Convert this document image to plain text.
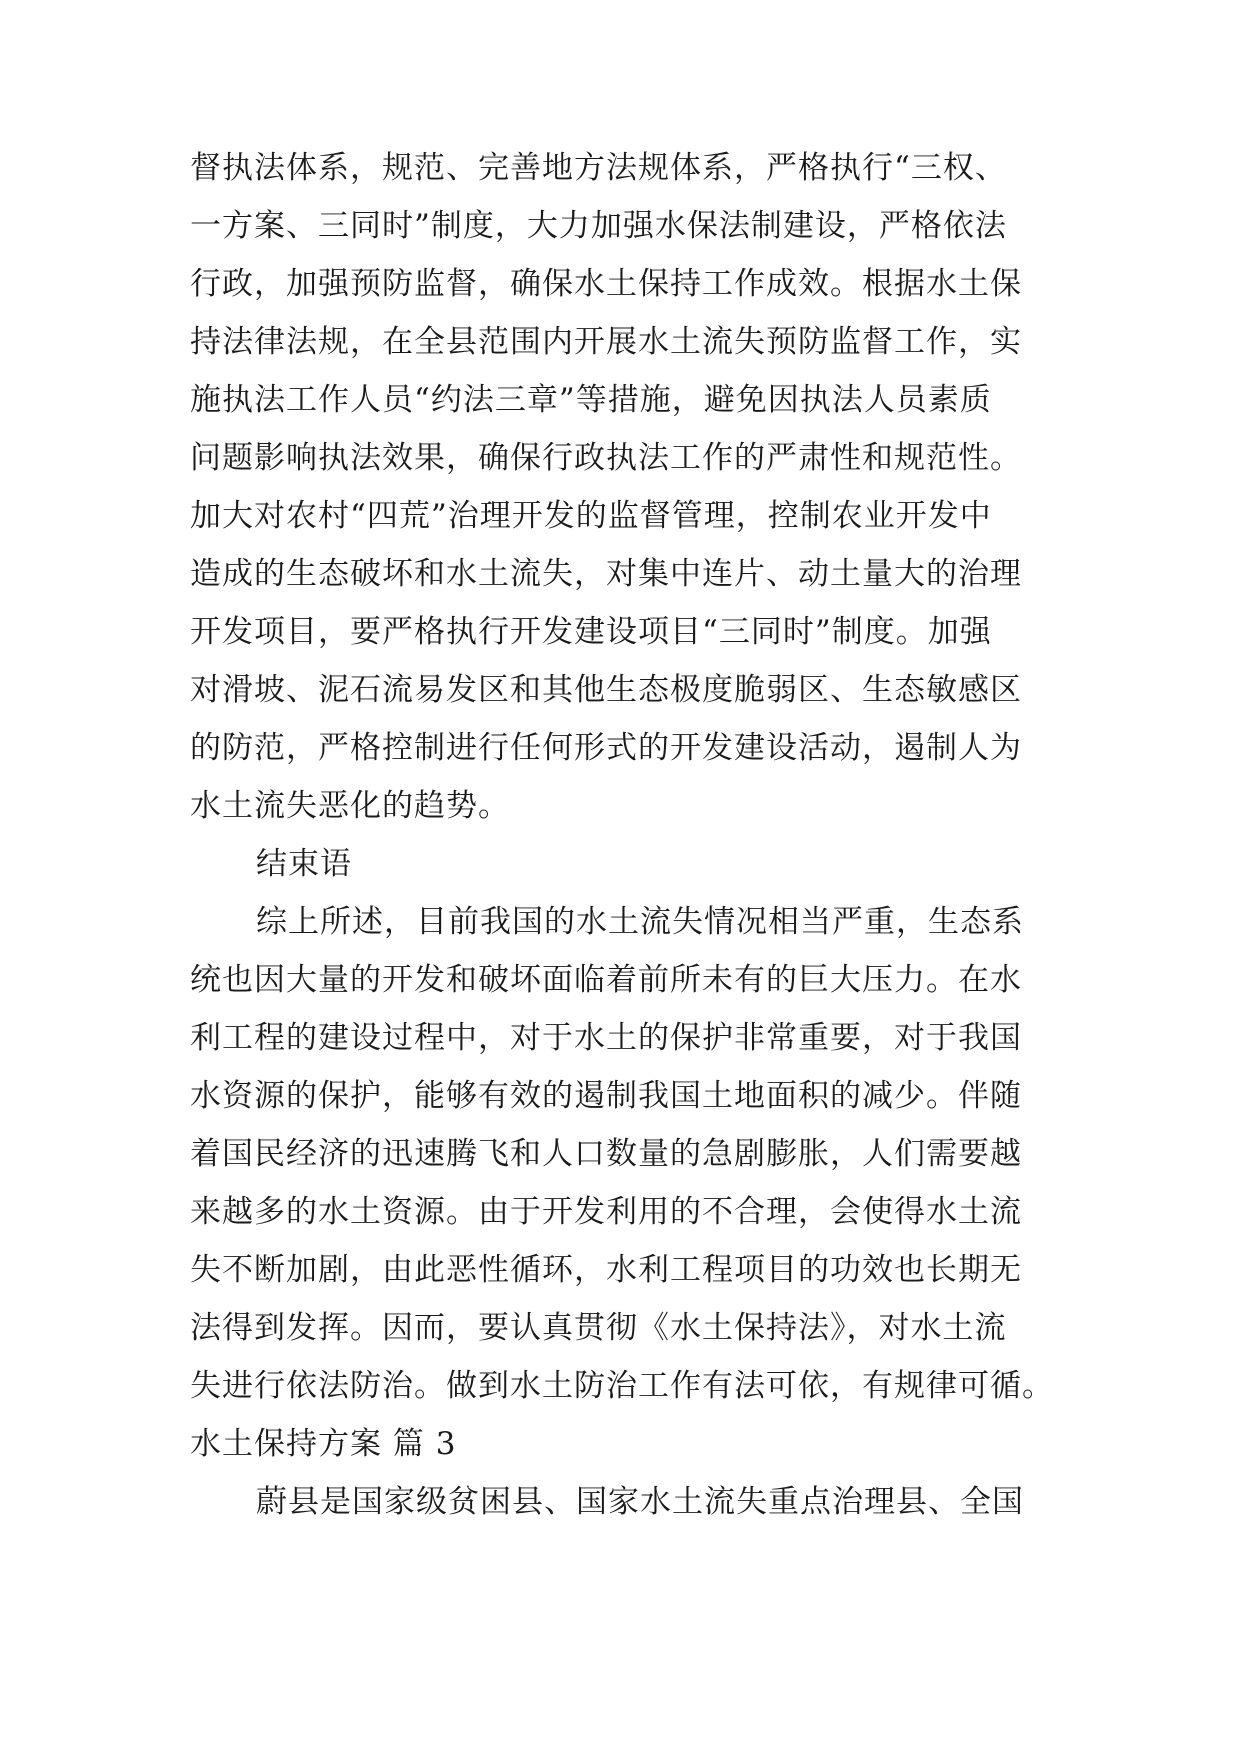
督执法体系，规范、完善地方法规体系，严格执行“三权、
一方案、三同时”制度，大力加强水保法制建设，严格依法
行政，加强预防监督，确保水土保持工作成效。根据水土保
持法律法规，在全县范围内开展水土流失预防监督工作，实
施执法工作人员“约法三章”等措施，避免因执法人员素质
问题影响执法效果，确保行政执法工作的严肃性和规范性。
加大对农村“四荒”治理开发的监督管理，控制农业开发中
造成的生态破坏和水土流失，对集中连片、动土量大的治理
开发项目，要严格执行开发建设项目“三同时”制度。加强
对滑坡、泥石流易发区和其他生态极度脆弱区、生态敏感区
的防范，严格控制进行任何形式的开发建设活动，遏制人为
水土流失恶化的趋势。
结束语
综上所述，目前我国的水土流失情况相当严重，生态系
统也因大量的开发和破坏面临着前所未有的巨大压力。在水
利工程的建设过程中，对于水土的保护非常重要，对于我国
水资源的保护，能够有效的遏制我国土地面积的减少。伴随
着国民经济的迅速腾飞和人口数量的急剧膨胀，人们需要越
来越多的水土资源。由于开发利用的不合理，会使得水土流
失不断加剧，由此恶性循环，水利工程项目的功效也长期无
法得到发挥。因而，要认真贯彻《水土保持法》，对水土流
失进行依法防治。做到水土防治工作有法可依，有规律可循。
水土保持方案 篇 3
蔚县是国家级贫困县、国家水土流失重点治理县、全国
